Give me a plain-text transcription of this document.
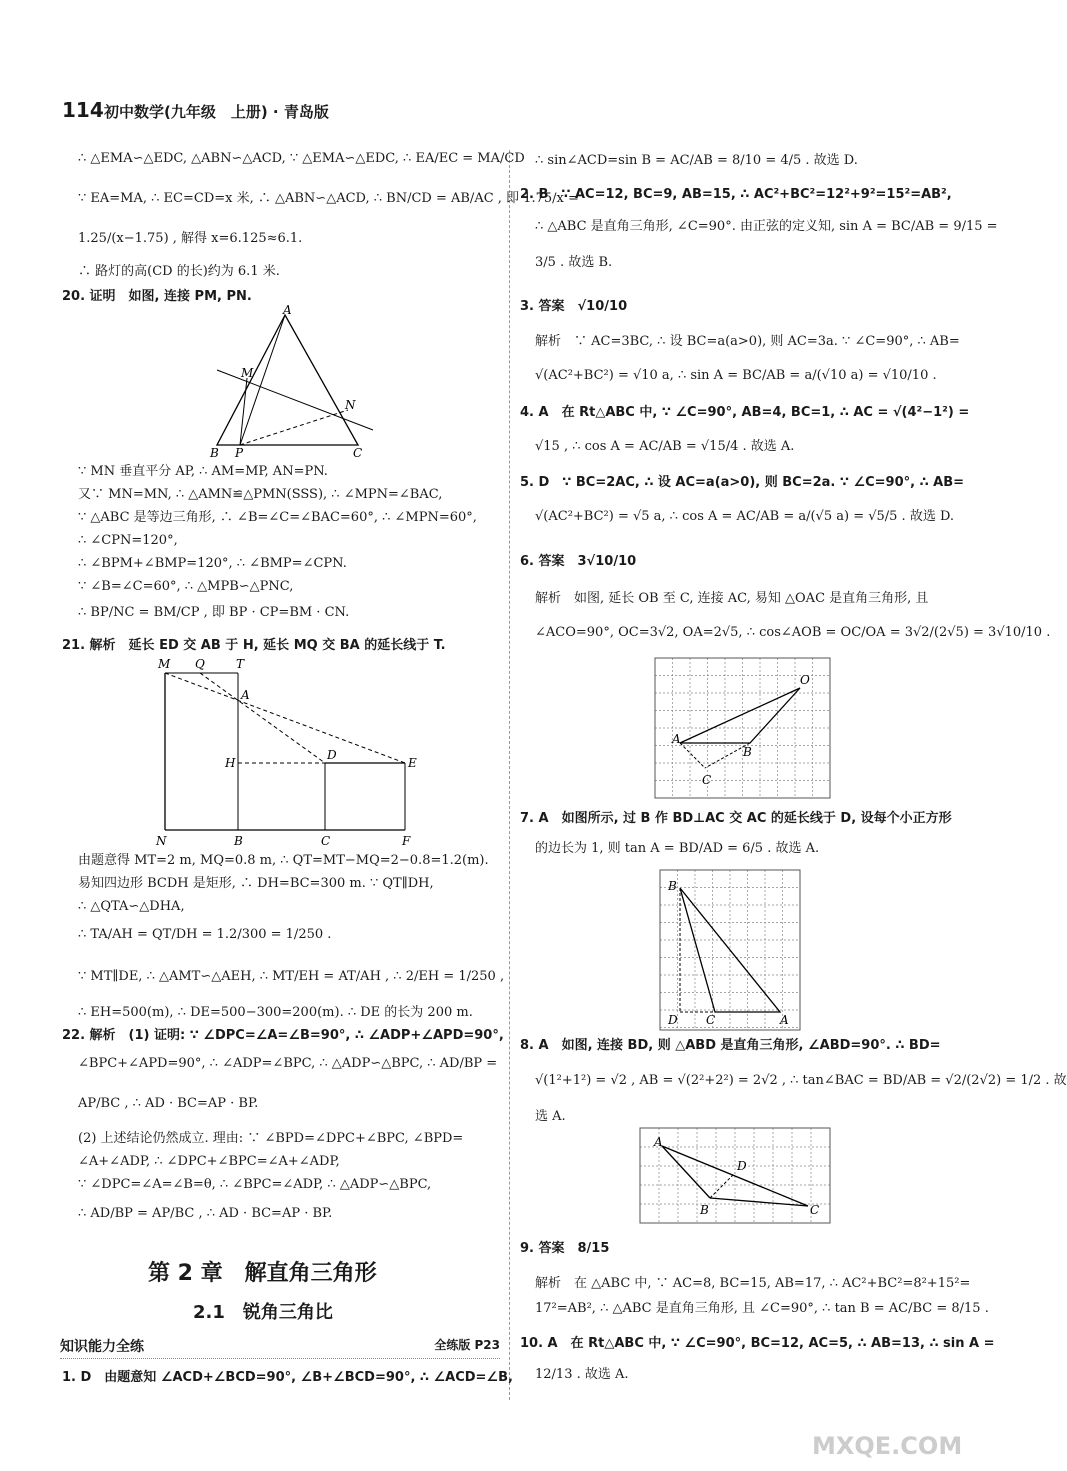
114 初中数学(九年级　上册) · 青岛版
∴ △EMA∽△EDC, △ABN∽△ACD, ∵ △EMA∽△EDC, ∴ EA/EC = MA/CD
∵ EA=MA, ∴ EC=CD=x 米, ∴ △ABN∽△ACD, ∴ BN/CD = AB/AC , 即 1.75/x =
1.25/(x−1.75) , 解得 x=6.125≈6.1.
∴ 路灯的高(CD 的长)约为 6.1 米.
20. 证明　如图, 连接 PM, PN.
A
M
N
B P	C
∵ MN 垂直平分 AP, ∴ AM=MP, AN=PN.
又∵ MN=MN, ∴ △AMN≌△PMN(SSS), ∴ ∠MPN=∠BAC,
∵ △ABC 是等边三角形, ∴ ∠B=∠C=∠BAC=60°, ∴ ∠MPN=60°,
∴ ∠CPN=120°,
∴ ∠BPM+∠BMP=120°, ∴ ∠BMP=∠CPN.
∵ ∠B=∠C=60°, ∴ △MPB∽△PNC,
∴ BP/NC = BM/CP , 即 BP · CP=BM · CN.
21. 解析　延长 ED 交 AB 于 H, 延长 MQ 交 BA 的延长线于 T.
M Q	T
A
H
D
E
N	B	C	F
由题意得 MT=2 m, MQ=0.8 m, ∴ QT=MT−MQ=2−0.8=1.2(m).
易知四边形 BCDH 是矩形, ∴ DH=BC=300 m. ∵ QT∥DH,
∴ △QTA∽△DHA,
∴ TA/AH = QT/DH = 1.2/300 = 1/250 .
∵ MT∥DE, ∴ △AMT∽△AEH, ∴ MT/EH = AT/AH , ∴ 2/EH = 1/250 ,
∴ EH=500(m), ∴ DE=500−300=200(m). ∴ DE 的长为 200 m.
22. 解析　(1) 证明: ∵ ∠DPC=∠A=∠B=90°, ∴ ∠ADP+∠APD=90°,
∠BPC+∠APD=90°, ∴ ∠ADP=∠BPC, ∴ △ADP∽△BPC, ∴ AD/BP =
AP/BC , ∴ AD · BC=AP · BP.
(2) 上述结论仍然成立. 理由: ∵ ∠BPD=∠DPC+∠BPC, ∠BPD=
∠A+∠ADP, ∴ ∠DPC+∠BPC=∠A+∠ADP,
∵ ∠DPC=∠A=∠B=θ, ∴ ∠BPC=∠ADP, ∴ △ADP∽△BPC,
∴ AD/BP = AP/BC , ∴ AD · BC=AP · BP.
第 2 章　解直角三角形
2.1　锐角三角比
知识能力全练	全练版 P23
1. D　由题意知 ∠ACD+∠BCD=90°, ∠B+∠BCD=90°, ∴ ∠ACD=∠B,
∴ sin∠ACD=sin B = AC/AB = 8/10 = 4/5 . 故选 D.
2. B　∵ AC=12, BC=9, AB=15, ∴ AC²+BC²=12²+9²=15²=AB²,
∴ △ABC 是直角三角形, ∠C=90°. 由正弦的定义知, sin A = BC/AB = 9/15 =
3/5 . 故选 B.
3. 答案　√10/10
解析　∵ AC=3BC, ∴ 设 BC=a(a>0), 则 AC=3a. ∵ ∠C=90°, ∴ AB=
√(AC²+BC²) = √10 a, ∴ sin A = BC/AB = a/(√10 a) = √10/10 .
4. A　在 Rt△ABC 中, ∵ ∠C=90°, AB=4, BC=1, ∴ AC = √(4²−1²) =
√15 , ∴ cos A = AC/AB = √15/4 . 故选 A.
5. D　∵ BC=2AC, ∴ 设 AC=a(a>0), 则 BC=2a. ∵ ∠C=90°, ∴ AB=
√(AC²+BC²) = √5 a, ∴ cos A = AC/AB = a/(√5 a) = √5/5 . 故选 D.
6. 答案　3√10/10
解析　如图, 延长 OB 至 C, 连接 AC, 易知 △OAC 是直角三角形, 且
∠ACO=90°, OC=3√2, OA=2√5, ∴ cos∠AOB = OC/OA = 3√2/(2√5) = 3√10/10 .
O
A
B
C
7. A　如图所示, 过 B 作 BD⊥AC 交 AC 的延长线于 D, 设每个小正方形
的边长为 1, 则 tan A = BD/AD = 6/5 . 故选 A.
B
D C	A
8. A　如图, 连接 BD, 则 △ABD 是直角三角形, ∠ABD=90°. ∴ BD=
√(1²+1²) = √2 , AB = √(2²+2²) = 2√2 , ∴ tan∠BAC = BD/AB = √2/(2√2) = 1/2 . 故
选 A.
A
D
B	C
9. 答案　8/15
解析　在 △ABC 中, ∵ AC=8, BC=15, AB=17, ∴ AC²+BC²=8²+15²=
17²=AB², ∴ △ABC 是直角三角形, 且 ∠C=90°, ∴ tan B = AC/BC = 8/15 .
10. A　在 Rt△ABC 中, ∵ ∠C=90°, BC=12, AC=5, ∴ AB=13, ∴ sin A =
12/13 . 故选 A.
MXQE.COM
